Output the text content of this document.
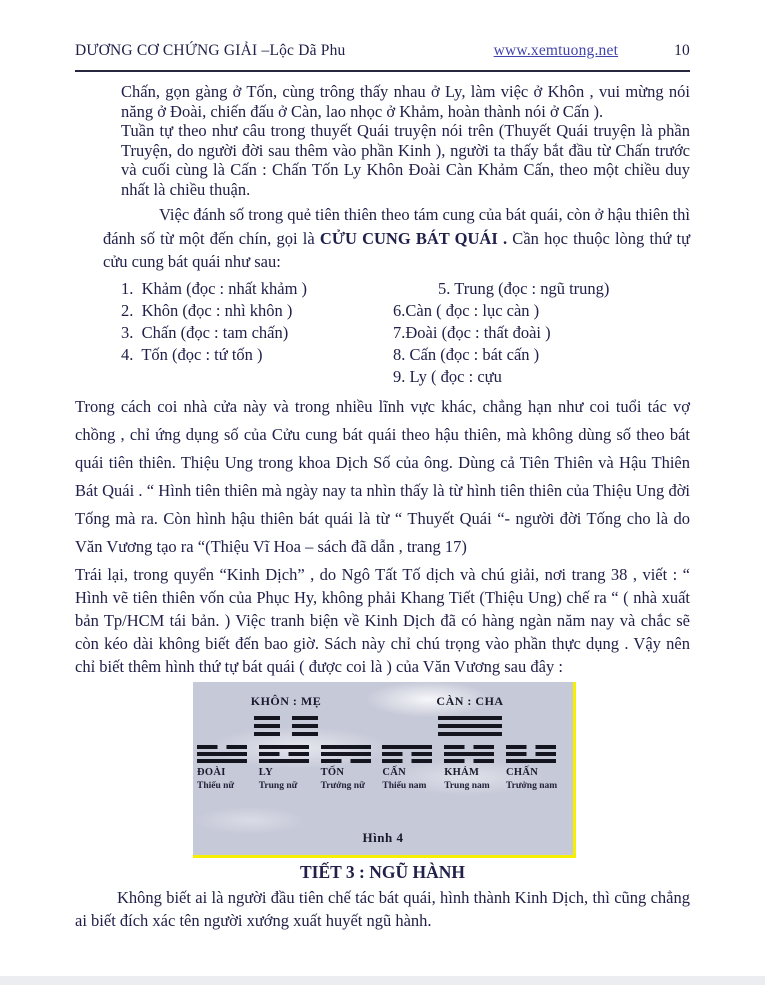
DƯƠNG CƠ CHỨNG GIẢI –Lộc Dã Phu	www.xemtuong.net	10

Chấn, gọn gàng ở Tốn, cùng trông thấy nhau ở Ly, làm việc ở Khôn , vui mừng nói năng ở Đoài, chiến đấu ở Càn, lao nhọc ở Khảm, hoàn thành nói ở Cấn ).

Tuần tự theo như câu trong thuyết Quái truyện nói trên (Thuyết Quái truyện là phần Truyện, do người đời sau thêm vào phần Kinh ), người ta thấy bắt đầu từ Chấn trước và cuối cùng là Cấn : Chấn Tốn Ly Khôn Đoài Càn Khảm Cấn, theo một chiều duy nhất là chiều thuận.

Việc đánh số trong quẻ tiên thiên theo tám cung của bát quái, còn ở hậu thiên thì đánh số từ một đến chín, gọi là CỬU CUNG BÁT QUÁI . Cần học thuộc lòng thứ tự cửu cung bát quái như sau:

1.  Khảm (đọc : nhất khảm )	5. Trung (đọc : ngũ trung)
2.  Khôn (đọc : nhì khôn )	6.Càn ( đọc : lục càn )
3.  Chấn (đọc : tam chấn)	7.Đoài (đọc : thất đoài )
4.  Tốn (đọc : tứ tốn )	8. Cấn (đọc : bát cấn )
9. Ly ( đọc : cựu

Trong cách coi nhà cửa này và trong nhiều lĩnh vực khác, chẳng hạn như coi tuổi tác vợ chồng , chỉ ứng dụng số của Cửu cung bát quái theo hậu thiên, mà không dùng số theo bát quái tiên thiên. Thiệu Ung trong khoa Dịch Số của ông. Dùng cả Tiên Thiên và Hậu Thiên Bát Quái . “ Hình tiên thiên mà ngày nay ta nhìn thấy là từ hình tiên thiên của Thiệu Ung đời Tống mà ra. Còn hình hậu thiên bát quái là từ “ Thuyết Quái “- người đời Tống cho là do Văn Vương tạo ra “(Thiệu Vĩ Hoa – sách đã dẫn , trang 17)

Trái lại, trong quyển “Kinh Dịch” , do Ngô Tất Tố dịch và chú giải, nơi trang 38 , viết : “ Hình vẽ tiên thiên vốn của Phục Hy, không phải Khang Tiết (Thiệu Ung) chế ra “ ( nhà xuất bản Tp/HCM tái bản. ) Việc tranh biện về Kinh Dịch đã có hàng ngàn năm nay và chắc sẽ còn kéo dài không biết đến bao giờ. Sách này chỉ chú trọng vào phần thực dụng . Vậy nên chỉ biết thêm hình thứ tự bát quái ( được coi là ) của Văn Vương sau đây :

KHÔN : MẸ	CÀN : CHA
ĐOÀI
Thiếu nữ
LY
Trung nữ
TỐN
Trưởng nữ
CẤN
Thiếu nam
KHẢM
Trung nam
CHẤN
Trưởng nam
Hình 4
TIẾT 3 : NGŨ HÀNH

Không biết ai là người đầu tiên chế tác bát quái, hình thành Kinh Dịch, thì cũng chẳng ai biết đích xác tên người xướng xuất huyết ngũ hành.
